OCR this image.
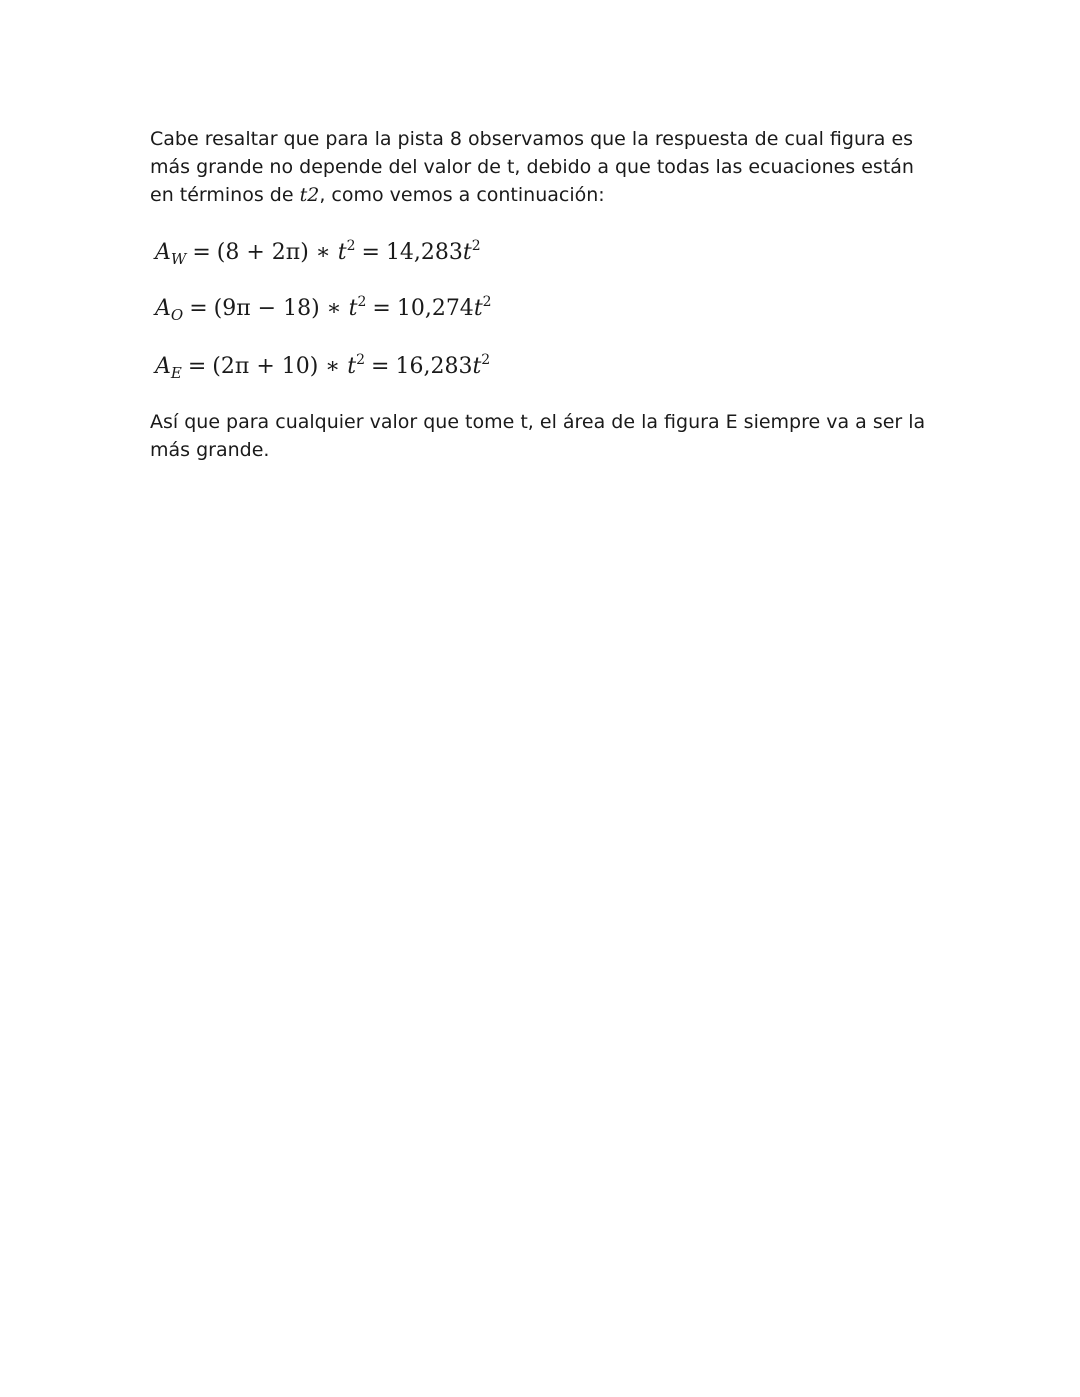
Cabe resaltar que para la pista 8 observamos que la respuesta de cual figura es más grande no depende del valor de t, debido a que todas las ecuaciones están en términos de t2, como vemos a continuación:

$A_W = (8 + 2\pi)$ ∗ $t^2 = 14,283t^2$
$A_O = (9\pi - 18)$ ∗ $t^2 = 10,274t^2$
$A_E = (2\pi + 10)$ ∗ $t^2 = 16,283t^2$

Así que para cualquier valor que tome t, el área de la figura E siempre va a ser la más grande.
